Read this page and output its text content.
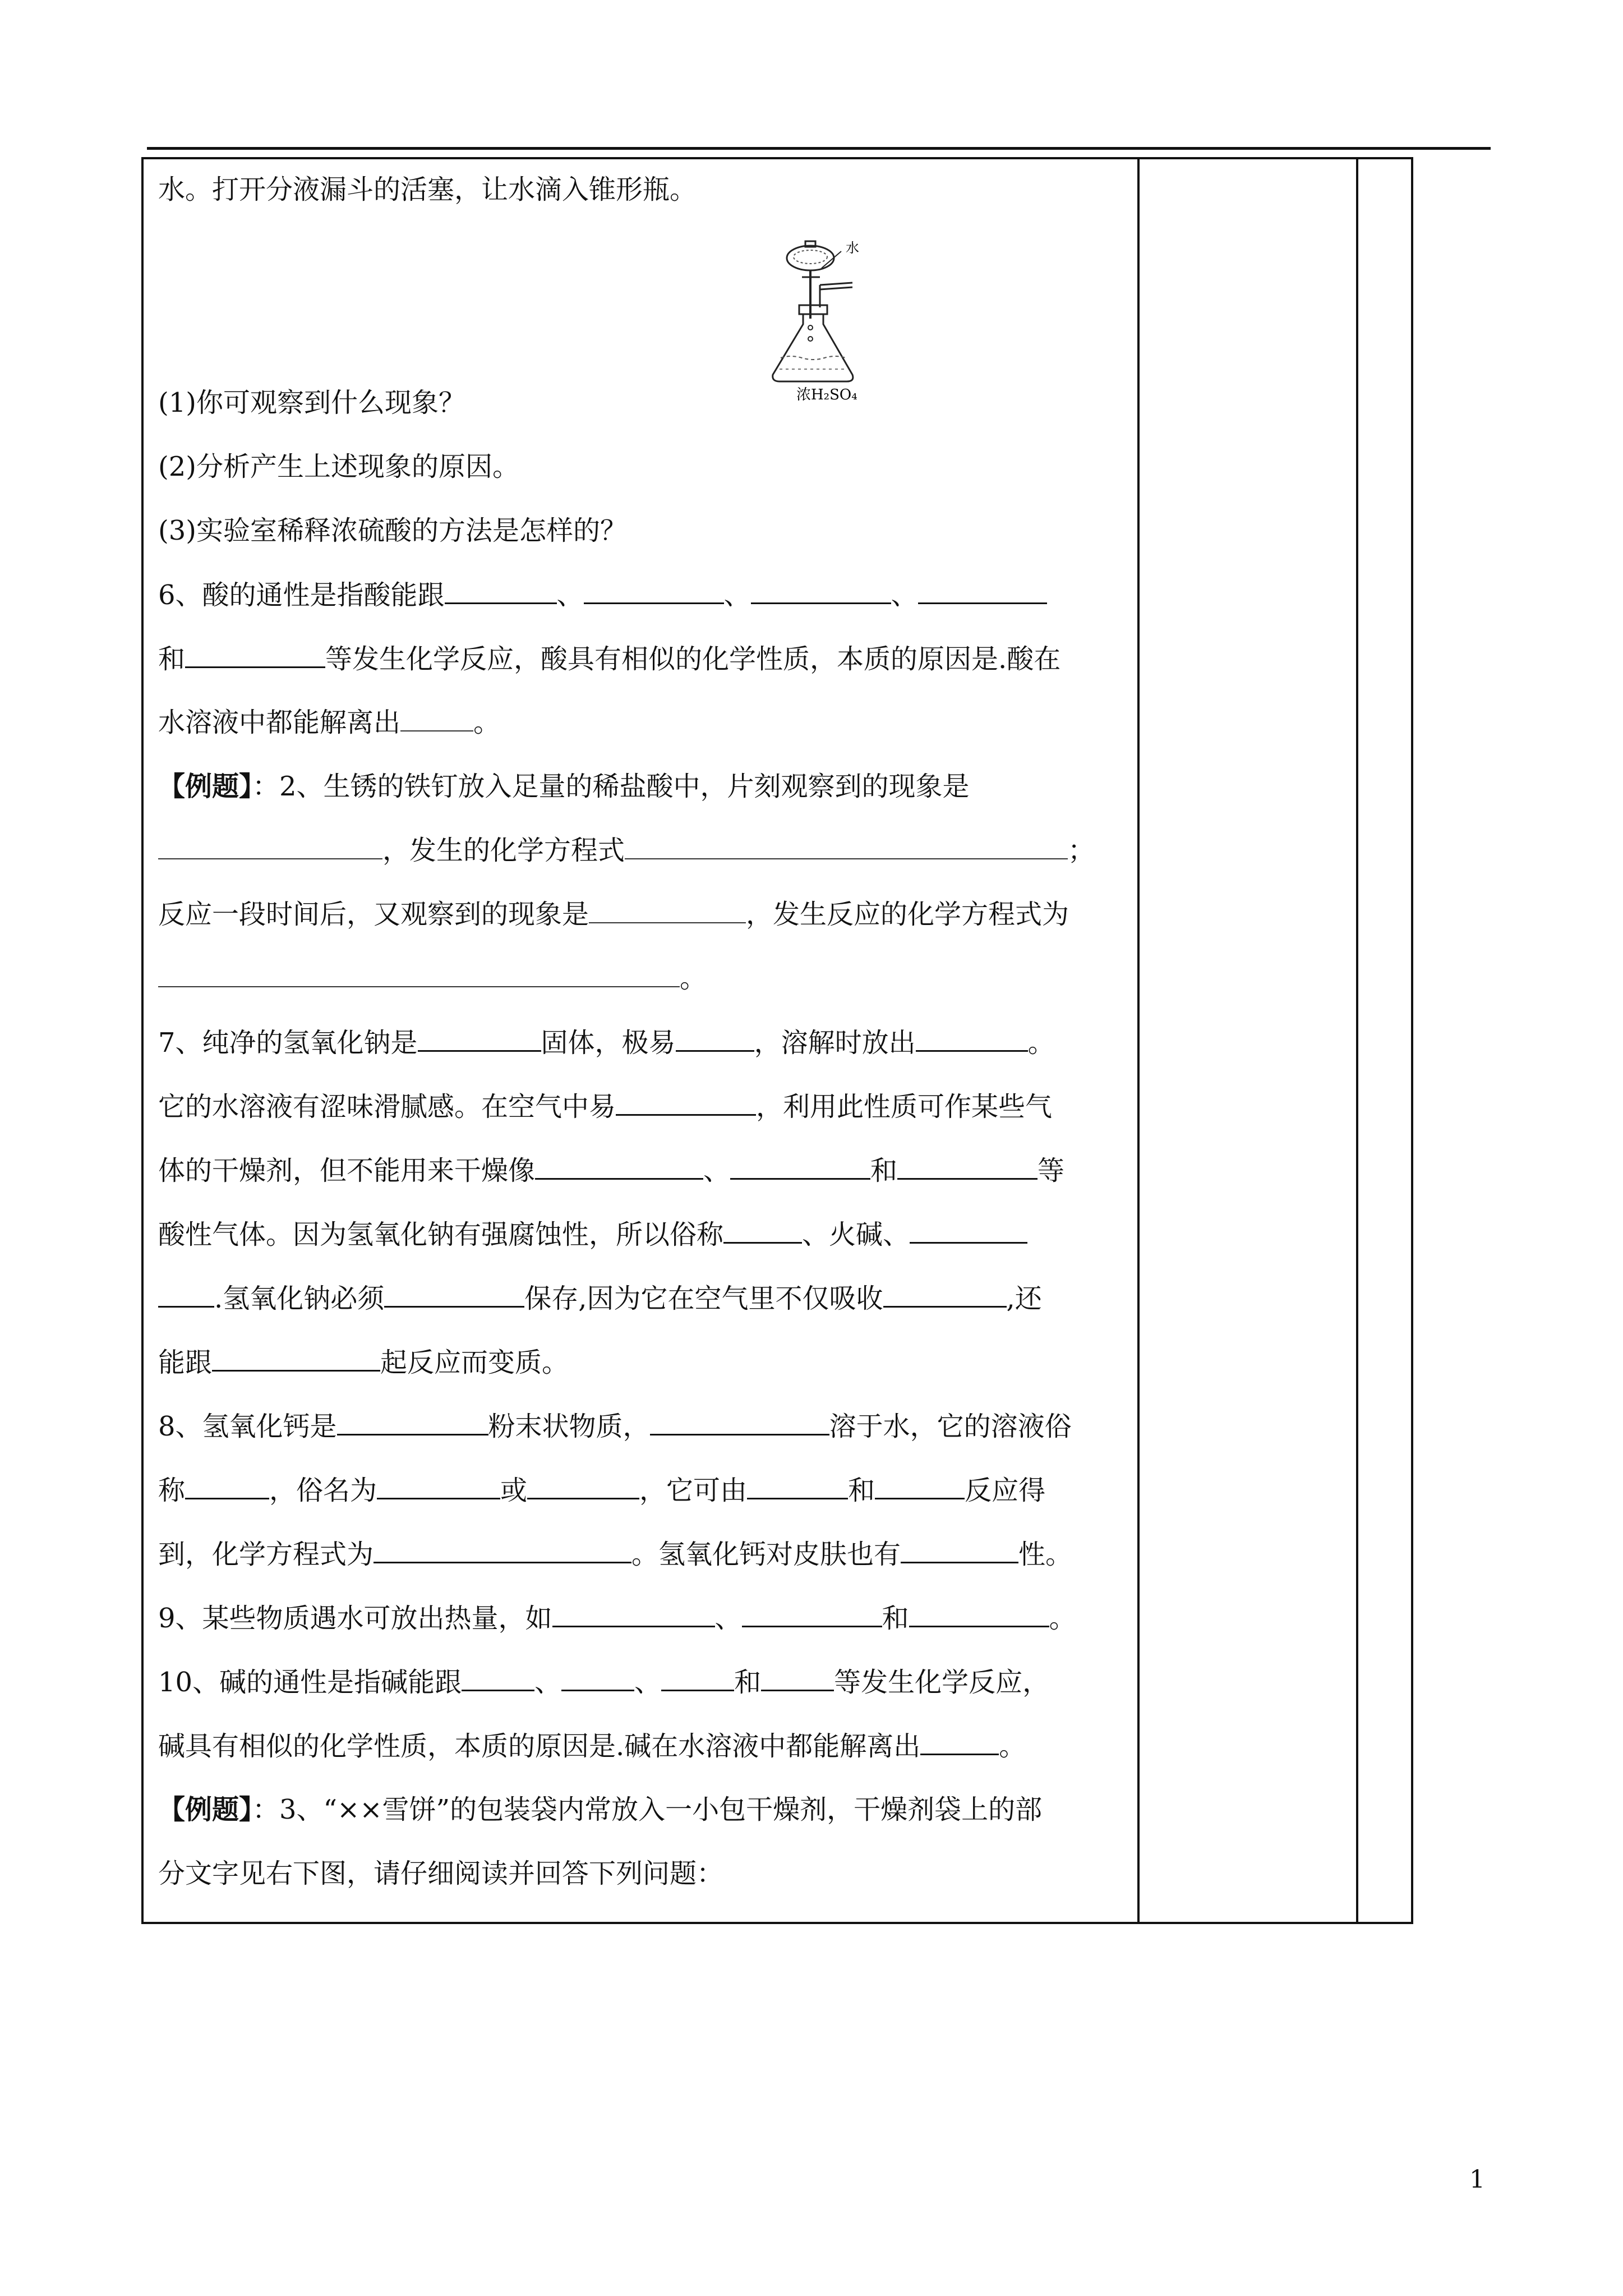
水
浓H₂SO₄
水。打开分液漏斗的活塞，让水滴入锥形瓶。
(1)你可观察到什么现象？
(2)分析产生上述现象的原因。
(3)实验室稀释浓硫酸的方法是怎样的？
6、酸的通性是指酸能跟	、	、	、
和	等发生化学反应，酸具有相似的化学性质，本质的原因是.酸在
水溶液中都能解离出	。
【例题】：2、生锈的铁钉放入足量的稀盐酸中，片刻观察到的现象是
，发生的化学方程式	；
反应一段时间后，又观察到的现象是	，发生反应的化学方程式为
。
7、纯净的氢氧化钠是	固体，极易	，溶解时放出	。
它的水溶液有涩味滑腻感。在空气中易	，利用此性质可作某些气
体的干燥剂，但不能用来干燥像	、	和	等
酸性气体。因为氢氧化钠有强腐蚀性，所以俗称	、火碱、
.氢氧化钠必须	保存,因为它在空气里不仅吸收	,还
能跟	起反应而变质。
8、氢氧化钙是	粉末状物质，	溶于水，它的溶液俗
称	，俗名为	或	，它可由	和	反应得
到，化学方程式为	。氢氧化钙对皮肤也有	性。
9、某些物质遇水可放出热量，如	、	和	。
10、碱的通性是指碱能跟	、	、	和	等发生化学反应，
碱具有相似的化学性质，本质的原因是.碱在水溶液中都能解离出	。
【例题】：3、“××雪饼”的包装袋内常放入一小包干燥剂，干燥剂袋上的部
分文字见右下图，请仔细阅读并回答下列问题：
1
